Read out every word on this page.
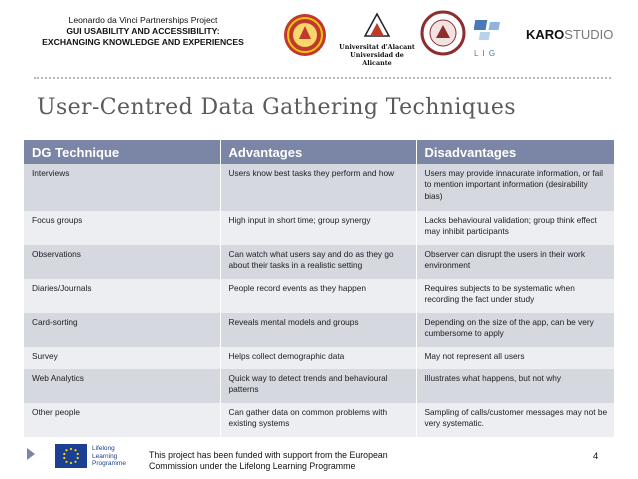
Leonardo da Vinci Partnerships Project
GUI USABILITY AND ACCESSIBILITY:
EXCHANGING KNOWLEDGE AND EXPERIENCES	Universitat d'Alacant
Universidad de Alicante
L I G
KAROSTUDIO
User-Centred Data Gathering Techniques
DG Technique	Advantages	Disadvantages
Interviews	Users know best tasks they perform and how	Users may provide innacurate information, or fail to mention important information (desirability bias)
Focus groups	High input in short time; group synergy	Lacks behavioural validation; group think effect may inhibit participants
Observations	Can watch what users say and do as they go about their tasks in a realistic setting	Observer can disrupt the users in their work environment
Diaries/Journals	People record events as they happen	Requires subjects to be systematic when recording the fact under study
Card-sorting	Reveals mental models and groups	Depending on the size of the app, can be very cumbersome to apply
Survey	Helps collect demographic data	May not represent all users
Web Analytics	Quick way to detect trends and behavioural patterns	Illustrates what happens, but not why
Other people	Can gather data on common problems with existing systems	Sampling of calls/customer messages may not be very systematic.
Lifelong
Learning
Programme
This project has been funded with support from the European
Commission under the Lifelong Learning Programme
4
